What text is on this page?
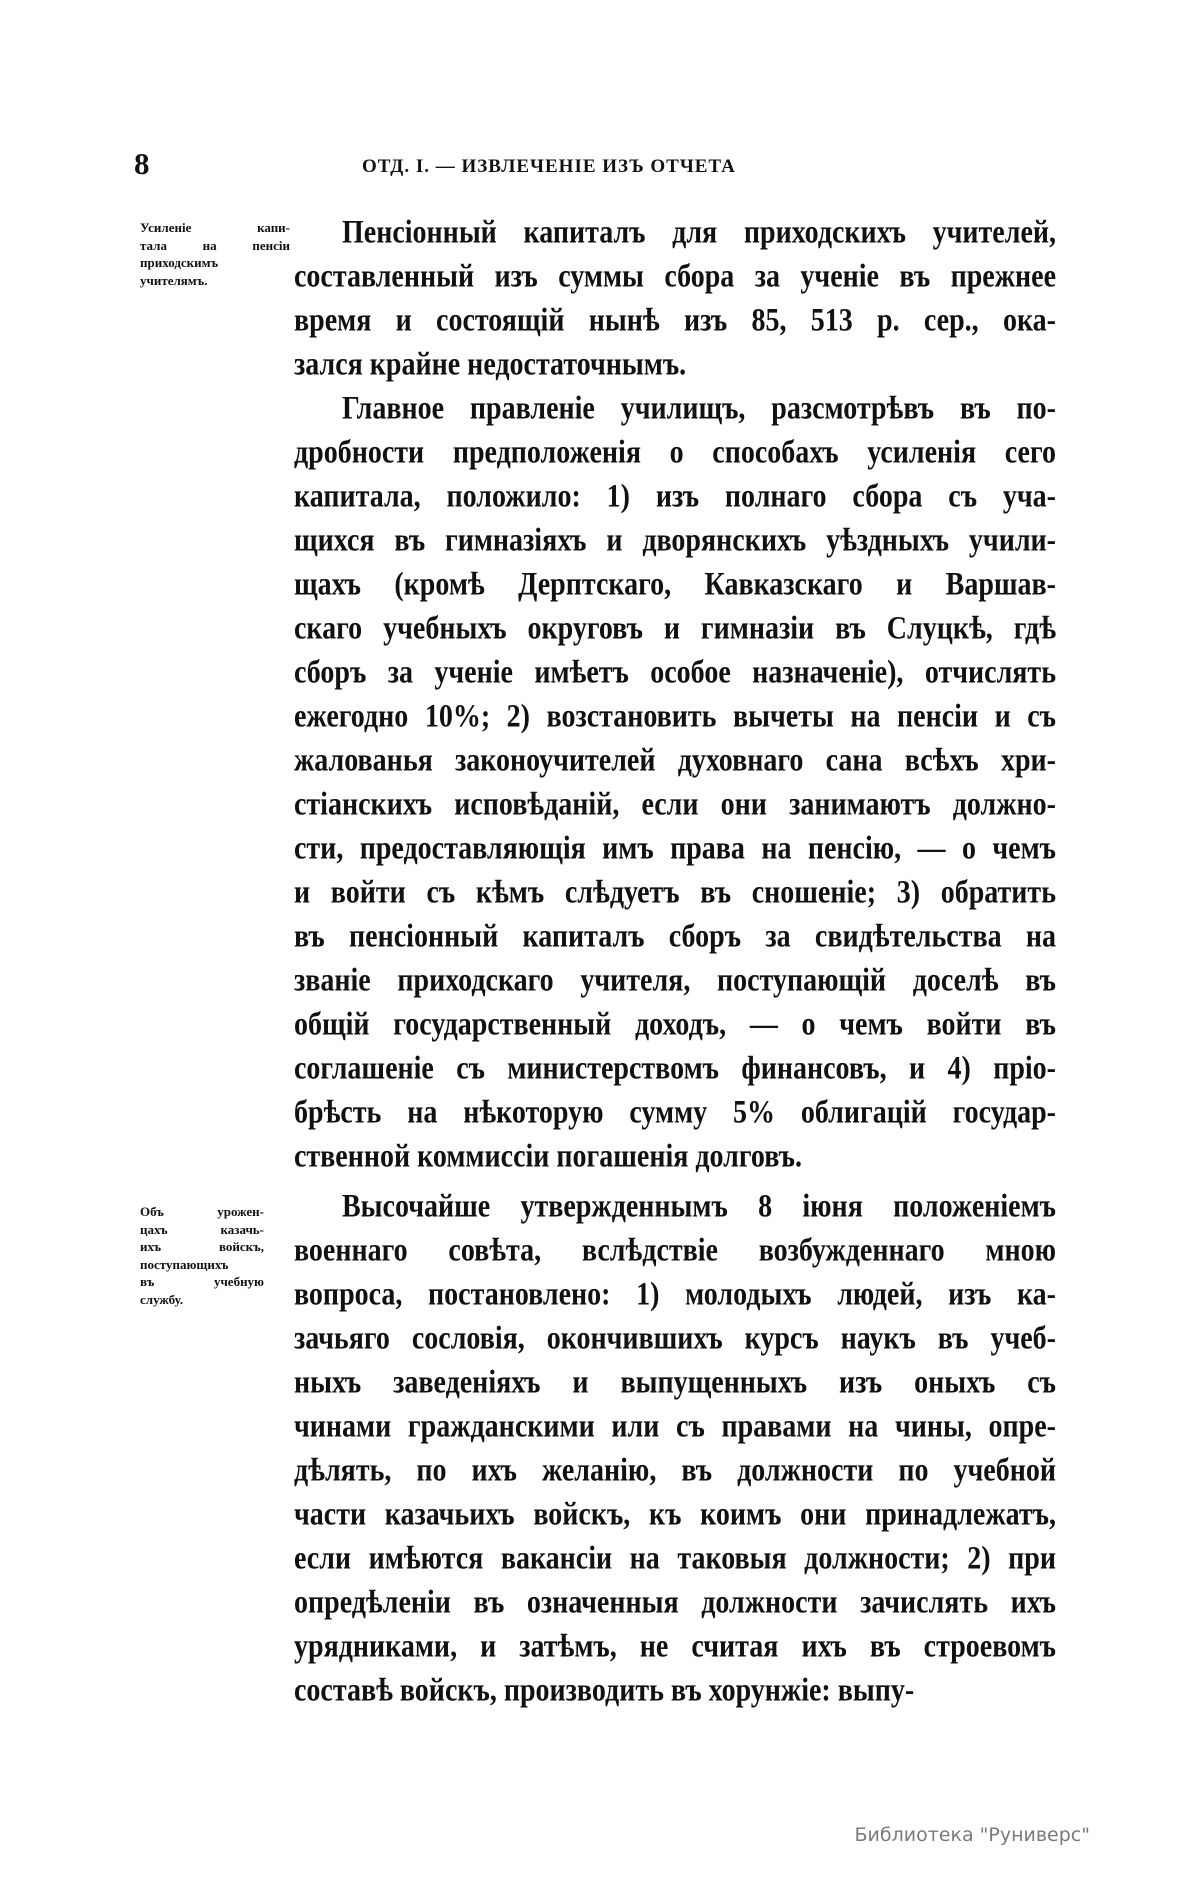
8	ОТД. I. — ИЗВЛЕЧЕНІЕ ИЗЪ ОТЧЕТА
Усиленіе капи-
тала на пенсіи
приходскимъ
учителямъ.
Объ урожен-
цахъ казачь-
ихъ войскъ,
поступающихъ
въ учебную
службу.
Пенсіонный капиталъ для приходскихъ учителей,
составленный изъ суммы сбора за ученіе въ прежнее
время и состоящій нынѣ изъ 85, 513 р. сер., ока-
зался крайне недостаточнымъ.
Главное правленіе училищъ, разсмотрѣвъ въ по-
дробности предположенія о способахъ усиленія сего
капитала, положило: 1) изъ полнаго сбора съ уча-
щихся въ гимназіяхъ и дворянскихъ уѣздныхъ учили-
щахъ (кромѣ Дерптскаго, Кавказскаго и Варшав-
скаго учебныхъ округовъ и гимназіи въ Слуцкѣ, гдѣ
сборъ за ученіе имѣетъ особое назначеніе), отчислять
ежегодно 10%; 2) возстановить вычеты на пенсіи и съ
жалованья законоучителей духовнаго сана всѣхъ хри-
стіанскихъ исповѣданій, если они занимаютъ должно-
сти, предоставляющія имъ права на пенсію, — о чемъ
и войти съ кѣмъ слѣдуетъ въ сношеніе; 3) обратить
въ пенсіонный капиталъ сборъ за свидѣтельства на
званіе приходскаго учителя, поступающій доселѣ въ
общій государственный доходъ, — о чемъ войти въ
соглашеніе съ министерствомъ финансовъ, и 4) пріо-
брѣсть на нѣкоторую сумму 5% облигацій государ-
ственной коммиссіи погашенія долговъ.
Высочайше утвержденнымъ 8 іюня положеніемъ
военнаго совѣта, вслѣдствіе возбужденнаго мною
вопроса, постановлено: 1) молодыхъ людей, изъ ка-
зачьяго сословія, окончившихъ курсъ наукъ въ учеб-
ныхъ заведеніяхъ и выпущенныхъ изъ оныхъ съ
чинами гражданскими или съ правами на чины, опре-
дѣлять, по ихъ желанію, въ должности по учебной
части казачьихъ войскъ, къ коимъ они принадлежатъ,
если имѣются вакансіи на таковыя должности; 2) при
опредѣленіи въ означенныя должности зачислять ихъ
урядниками, и затѣмъ, не считая ихъ въ строевомъ
составѣ войскъ, производить въ хорунжіе: выпу-
Библиотека "Руниверс"
